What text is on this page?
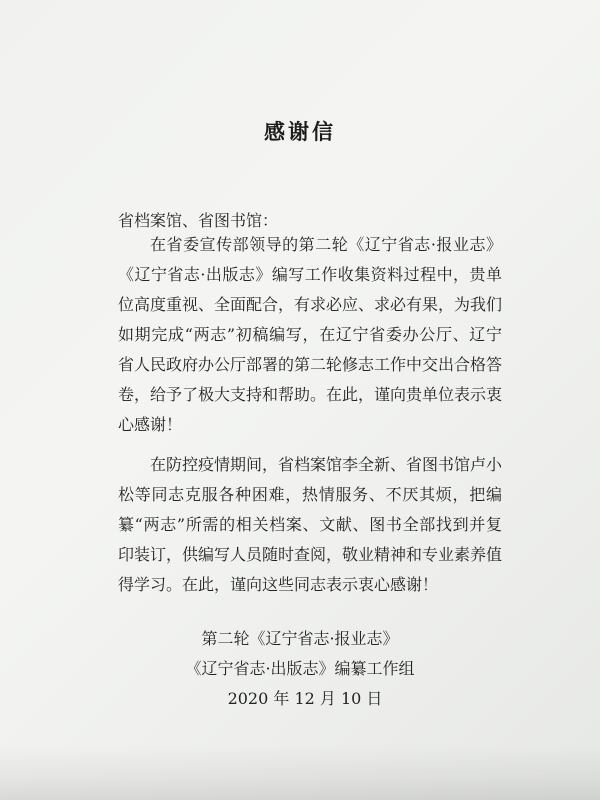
感谢信
省档案馆、省图书馆：

在省委宣传部领导的第二轮《辽宁省志·报业志》《辽宁省志·出版志》编写工作收集资料过程中，贵单位高度重视、全面配合，有求必应、求必有果，为我们如期完成“两志”初稿编写，在辽宁省委办公厅、辽宁省人民政府办公厅部署的第二轮修志工作中交出合格答卷，给予了极大支持和帮助。在此，谨向贵单位表示衷心感谢！

在防控疫情期间，省档案馆李全新、省图书馆卢小松等同志克服各种困难，热情服务、不厌其烦，把编纂“两志”所需的相关档案、文献、图书全部找到并复印装订，供编写人员随时查阅，敬业精神和专业素养值得学习。在此，谨向这些同志表示衷心感谢！

第二轮《辽宁省志·报业志》
《辽宁省志·出版志》编纂工作组
2020 年 12 月 10 日
